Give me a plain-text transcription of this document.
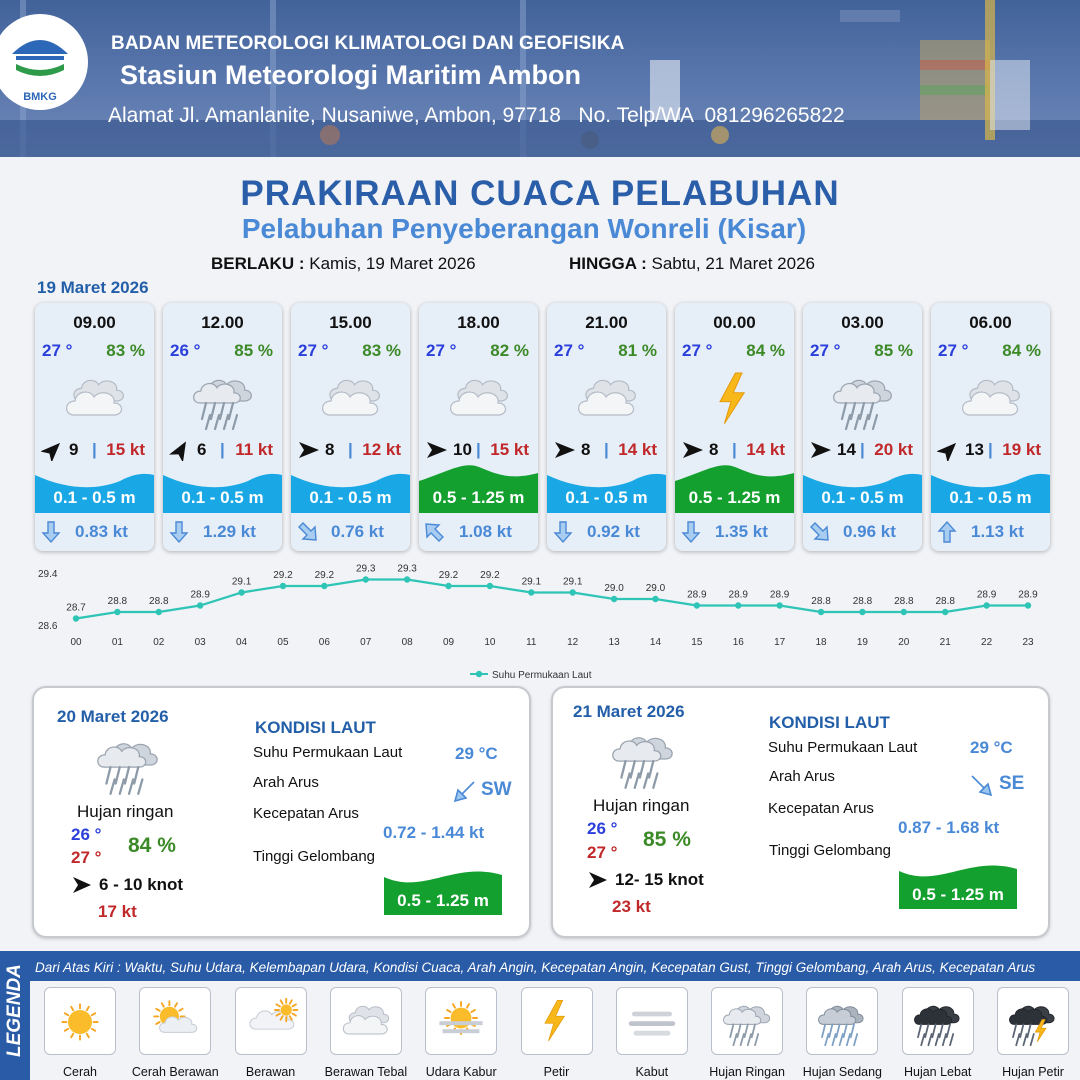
BMKG
BADAN METEOROLOGI KLIMATOLOGI DAN GEOFISIKA
Stasiun Meteorologi Maritim Ambon
Alamat Jl. Amanlanite, Nusaniwe, Ambon, 97718   No. Telp/WA  081296265822
PRAKIRAAN CUACA PELABUHAN
Pelabuhan Penyeberangan Wonreli (Kisar)
BERLAKU : Kamis, 19 Maret 2026	HINGGA : Sabtu, 21 Maret 2026
19 Maret 2026
09.00
27 ° 83 %
9 | 15 kt
0.1 - 0.5 m
0.83 kt
12.00
26 ° 85 %
6 | 11 kt
0.1 - 0.5 m
1.29 kt
15.00
27 ° 83 %
8 | 12 kt
0.1 - 0.5 m
0.76 kt
18.00
27 ° 82 %
10 | 15 kt
0.5 - 1.25 m
1.08 kt
21.00
27 ° 81 %
8 | 14 kt
0.1 - 0.5 m
0.92 kt
00.00
27 ° 84 %
8 | 14 kt
0.5 - 1.25 m
1.35 kt
03.00
27 ° 85 %
14 | 20 kt
0.1 - 0.5 m
0.96 kt
06.00
27 ° 84 %
13 | 19 kt
0.1 - 0.5 m
1.13 kt
29.4
28.6
28.7
00
28.8
01
28.8
02
28.9
03
29.1
04
29.2
05
29.2
06
29.3
07
29.3
08
29.2
09
29.2
10
29.1
11
29.1
12
29.0
13
29.0
14
28.9
15
28.9
16
28.9
17
28.8
18
28.8
19
28.8
20
28.8
21
28.9
22
28.9
23
Suhu Permukaan Laut
20 Maret 2026
Hujan ringan
26 °
27 °
84 %
6 - 10 knot
17 kt
KONDISI LAUT
Suhu Permukaan Laut	29 °C
Arah Arus	SW
Kecepatan Arus
0.72 - 1.44 kt
Tinggi Gelombang
0.5 - 1.25 m
21 Maret 2026
Hujan ringan
26 °
27 °
85 %
12- 15 knot
23 kt
KONDISI LAUT
Suhu Permukaan Laut	29 °C
Arah Arus	SE
Kecepatan Arus
0.87 - 1.68 kt
Tinggi Gelombang
0.5 - 1.25 m
LEGENDA Dari Atas Kiri : Waktu, Suhu Udara, Kelembapan Udara, Kondisi Cuaca, Arah Angin, Kecepatan Angin, Kecepatan Gust, Tinggi Gelombang, Arah Arus, Kecepatan Arus
Cerah	Cerah Berawan	Berawan	Berawan Tebal	Udara Kabur	Petir	Kabut	Hujan Ringan	Hujan Sedang	Hujan Lebat	Hujan Petir
